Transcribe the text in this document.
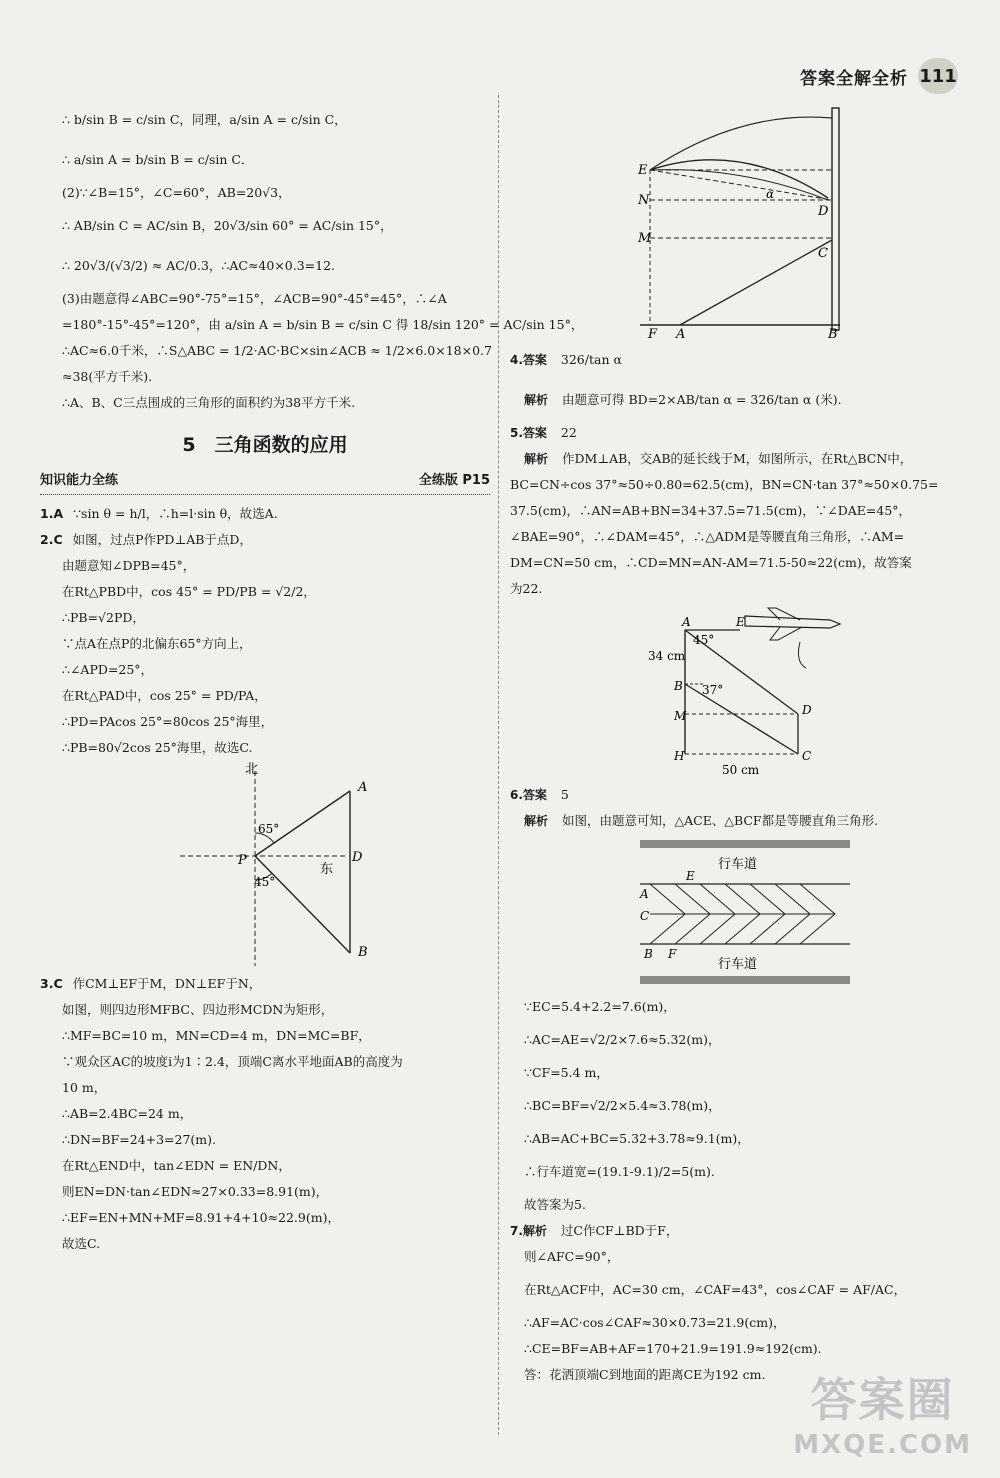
答案全解全析 111
∴ b/sin B = c/sin C，同理，a/sin A = c/sin C，
∴ a/sin A = b/sin B = c/sin C．
(2)∵∠B=15°，∠C=60°，AB=20√3，
∴ AB/sin C = AC/sin B，20√3/sin 60° = AC/sin 15°，
∴ 20√3/(√3/2) ≈ AC/0.3，∴AC≈40×0.3=12.
(3)由题意得∠ABC=90°-75°=15°，∠ACB=90°-45°=45°，∴∠A
=180°-15°-45°=120°，由 a/sin A = b/sin B = c/sin C 得 18/sin 120° = AC/sin 15°，
∴AC≈6.0千米，∴S△ABC = 1/2·AC·BC×sin∠ACB ≈ 1/2×6.0×18×0.7
≈38(平方千米).
∴A、B、C三点围成的三角形的面积约为38平方千米.
5　三角函数的应用
知识能力全练	全练版 P15
1.A ∵sin θ = h/l，∴h=l·sin θ，故选A.
2.C 如图，过点P作PD⊥AB于点D，
由题意知∠DPB=45°，
在Rt△PBD中，cos 45° = PD/PB = √2/2，
∴PB=√2PD，
∵点A在点P的北偏东65°方向上，
∴∠APD=25°，
在Rt△PAD中，cos 25° = PD/PA，
∴PD=PAcos 25°=80cos 25°海里，
∴PB=80√2cos 25°海里，故选C.
北
A
B
D
P
东
65°
45°
3.C 作CM⊥EF于M，DN⊥EF于N，
如图，则四边形MFBC、四边形MCDN为矩形，
∴MF=BC=10 m，MN=CD=4 m，DN=MC=BF，
∵观众区AC的坡度i为1∶2.4，顶端C离水平地面AB的高度为
10 m，
∴AB=2.4BC=24 m，
∴DN=BF=24+3=27(m).
在Rt△END中，tan∠EDN = EN/DN，
则EN=DN·tan∠EDN≈27×0.33=8.91(m)，
∴EF=EN+MN+MF=8.91+4+10≈22.9(m)，
故选C.
E
N
M
D
C
F A	B
α
4.答案 326/tan α
解析 由题意可得 BD=2×AB/tan α = 326/tan α (米).
5.答案 22
解析 作DM⊥AB，交AB的延长线于M，如图所示，在Rt△BCN中，
BC=CN÷cos 37°≈50÷0.80=62.5(cm)，BN=CN·tan 37°≈50×0.75=
37.5(cm)，∴AN=AB+BN=34+37.5=71.5(cm)，∵∠DAE=45°，
∠BAE=90°，∴∠DAM=45°，∴△ADM是等腰直角三角形，∴AM=
DM=CN=50 cm，∴CD=MN=AN-AM=71.5-50≈22(cm)，故答案
为22.
A	E
B
M
H
D
C
34 cm
50 cm
45°
37°
6.答案 5
解析 如图，由题意可知，△ACE、△BCF都是等腰直角三角形.
行车道
行车道
A
E
C
B F
∵EC=5.4+2.2=7.6(m)，
∴AC=AE=√2/2×7.6≈5.32(m)，
∵CF=5.4 m，
∴BC=BF=√2/2×5.4≈3.78(m)，
∴AB=AC+BC=5.32+3.78≈9.1(m)，
∴行车道宽=(19.1-9.1)/2=5(m).
故答案为5.
7.解析 过C作CF⊥BD于F，
则∠AFC=90°，
在Rt△ACF中，AC=30 cm，∠CAF=43°，cos∠CAF = AF/AC，
∴AF=AC·cos∠CAF≈30×0.73=21.9(cm)，
∴CE=BF=AB+AF=170+21.9=191.9≈192(cm).
答：花洒顶端C到地面的距离CE为192 cm. 答案圈
MXQE.COM
